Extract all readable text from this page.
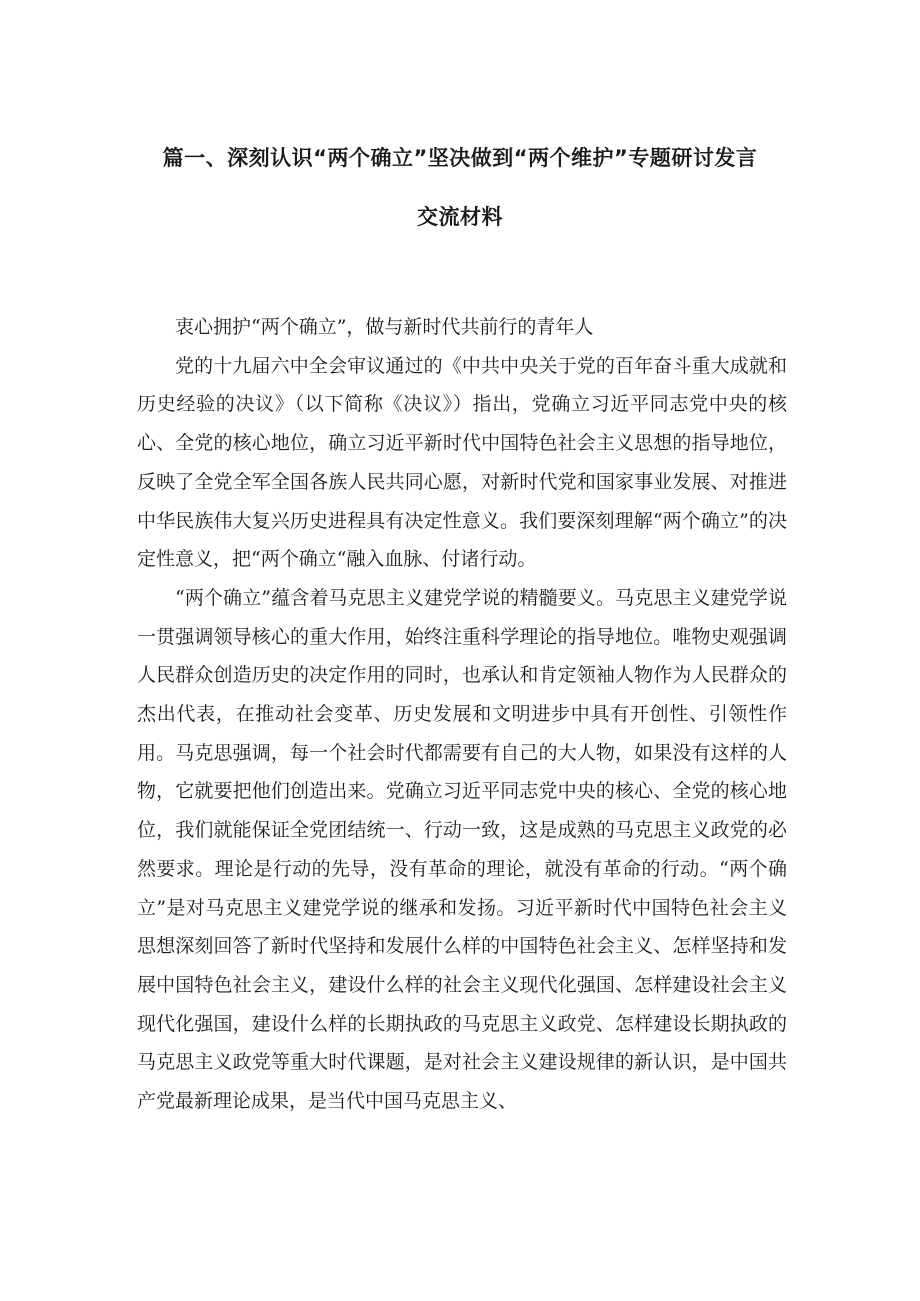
篇一、深刻认识“两个确立”坚决做到“两个维护”专题研讨发言
交流材料

衷心拥护“两个确立”，做与新时代共前行的青年人

党的十九届六中全会审议通过的《中共中央关于党的百年奋斗重大成就和历史经验的决议》（以下简称《决议》）指出，党确立习近平同志党中央的核心、全党的核心地位，确立习近平新时代中国特色社会主义思想的指导地位，反映了全党全军全国各族人民共同心愿，对新时代党和国家事业发展、对推进中华民族伟大复兴历史进程具有决定性意义。我们要深刻理解“两个确立”的决定性意义，把“两个确立“融入血脉、付诸行动。

“两个确立”蕴含着马克思主义建党学说的精髓要义。马克思主义建党学说一贯强调领导核心的重大作用，始终注重科学理论的指导地位。唯物史观强调人民群众创造历史的决定作用的同时，也承认和肯定领袖人物作为人民群众的杰出代表，在推动社会变革、历史发展和文明进步中具有开创性、引领性作用。马克思强调，每一个社会时代都需要有自己的大人物，如果没有这样的人物，它就要把他们创造出来。党确立习近平同志党中央的核心、全党的核心地位，我们就能保证全党团结统一、行动一致，这是成熟的马克思主义政党的必然要求。理论是行动的先导，没有革命的理论，就没有革命的行动。“两个确立”是对马克思主义建党学说的继承和发扬。习近平新时代中国特色社会主义思想深刻回答了新时代坚持和发展什么样的中国特色社会主义、怎样坚持和发展中国特色社会主义，建设什么样的社会主义现代化强国、怎样建设社会主义现代化强国，建设什么样的长期执政的马克思主义政党、怎样建设长期执政的马克思主义政党等重大时代课题，是对社会主义建设规律的新认识，是中国共产党最新理论成果，是当代中国马克思主义、
